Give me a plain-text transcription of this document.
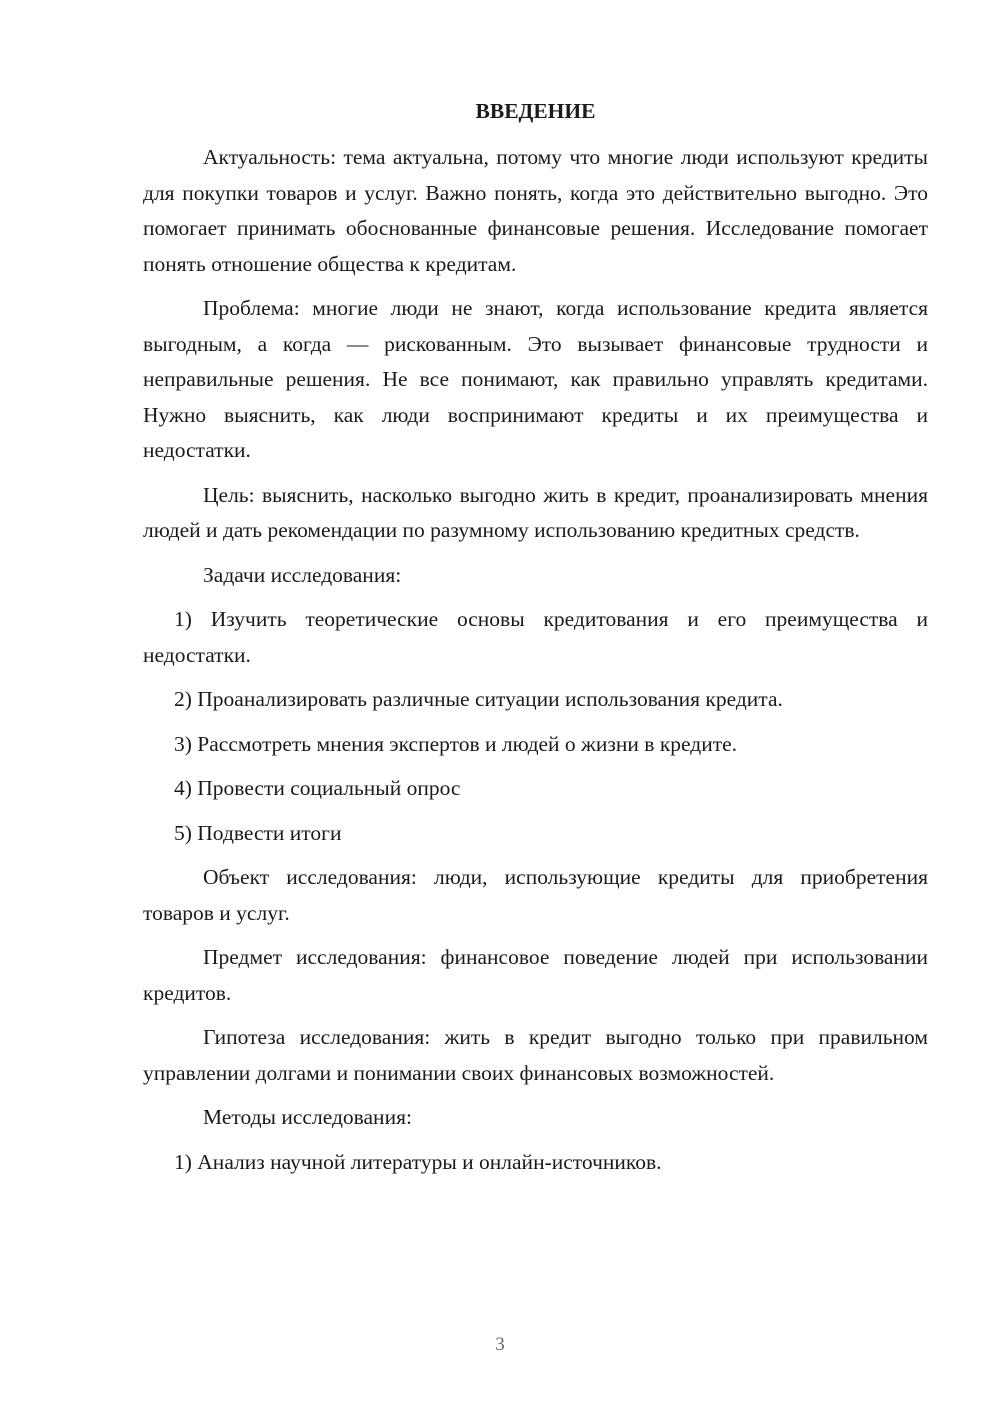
ВВЕДЕНИЕ

Актуальность: тема актуальна, потому что многие люди используют кредиты для покупки товаров и услуг. Важно понять, когда это действительно выгодно. Это помогает принимать обоснованные финансовые решения. Исследование помогает понять отношение общества к кредитам.

Проблема: многие люди не знают, когда использование кредита является выгодным, а когда — рискованным. Это вызывает финансовые трудности и неправильные решения. Не все понимают, как правильно управлять кредитами. Нужно выяснить, как люди воспринимают кредиты и их преимущества и недостатки.

Цель: выяснить, насколько выгодно жить в кредит, проанализировать мнения людей и дать рекомендации по разумному использованию кредитных средств.

Задачи исследования:

1) Изучить теоретические основы кредитования и его преимущества и недостатки.

2) Проанализировать различные ситуации использования кредита.

3) Рассмотреть мнения экспертов и людей о жизни в кредите.

4) Провести социальный опрос

5) Подвести итоги

Объект исследования: люди, использующие кредиты для приобретения товаров и услуг.

Предмет исследования: финансовое поведение людей при использовании кредитов.

Гипотеза исследования: жить в кредит выгодно только при правильном управлении долгами и понимании своих финансовых возможностей.

Методы исследования:

1) Анализ научной литературы и онлайн-источников.

3
